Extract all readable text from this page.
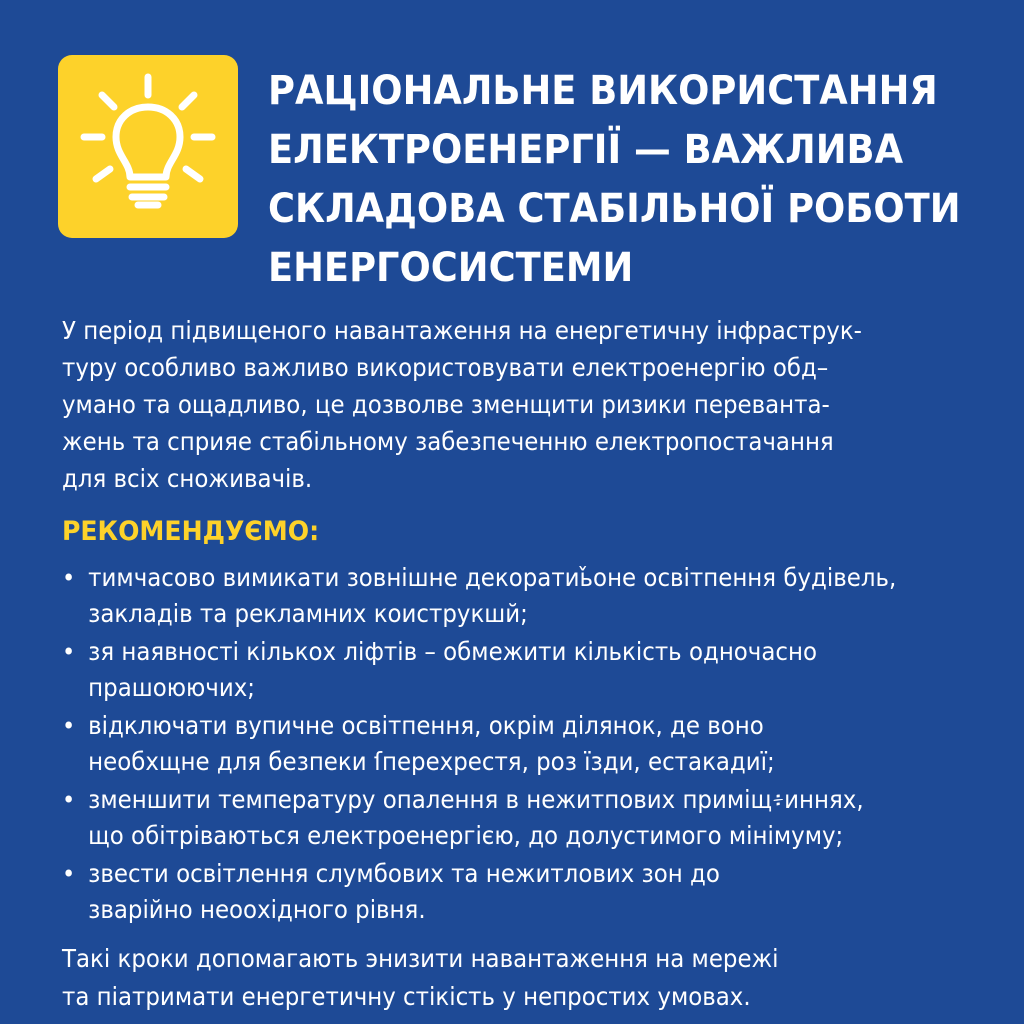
РАЦІОНАЛЬНЕ ВИКОРИСТАННЯ
ЕЛЕКТРОЕНЕРГІЇ — ВАЖЛИВА
СКЛАДОВА СТАБІЛЬНОЇ РОБОТИ
ЕНЕРГОСИСТЕМИ

У період підвищеного навантаження на енергетичну інфраструк-
туру особливо важливо використовувати електроенергію обд–
умано та ощадливо, це дозволве зменщити ризики переванта-
жень та сприяе стабільному забезпеченню електропостачання
для всіх сноживачів.

РЕКОМЕНДУЄМО:
• тимчасово вимикати зовнішне декоратиь̌оне освітпення будівель,
закладів та рекламних коиструкшй;
• зя наявності кількох ліфтів – обмежити кількість одночасно
прашоюючих;
• відключати вупичне освітпення, окрім ділянок, де воно
необхщне для безпеки ſперехрестя, роз їзди, естакадиї;
• зменшити температуру опалення в нежитпових приміщ፥иннях,
що обітріваються електроенергією, до долустимого мінімуму;
• звести освітлення слумбових та нежитлових зон до
зварійно неоохідного рівня.

Такі кроки допомагають энизити навантаження на мережі
та піатримати енергетичну стікість у непростих умовах.
